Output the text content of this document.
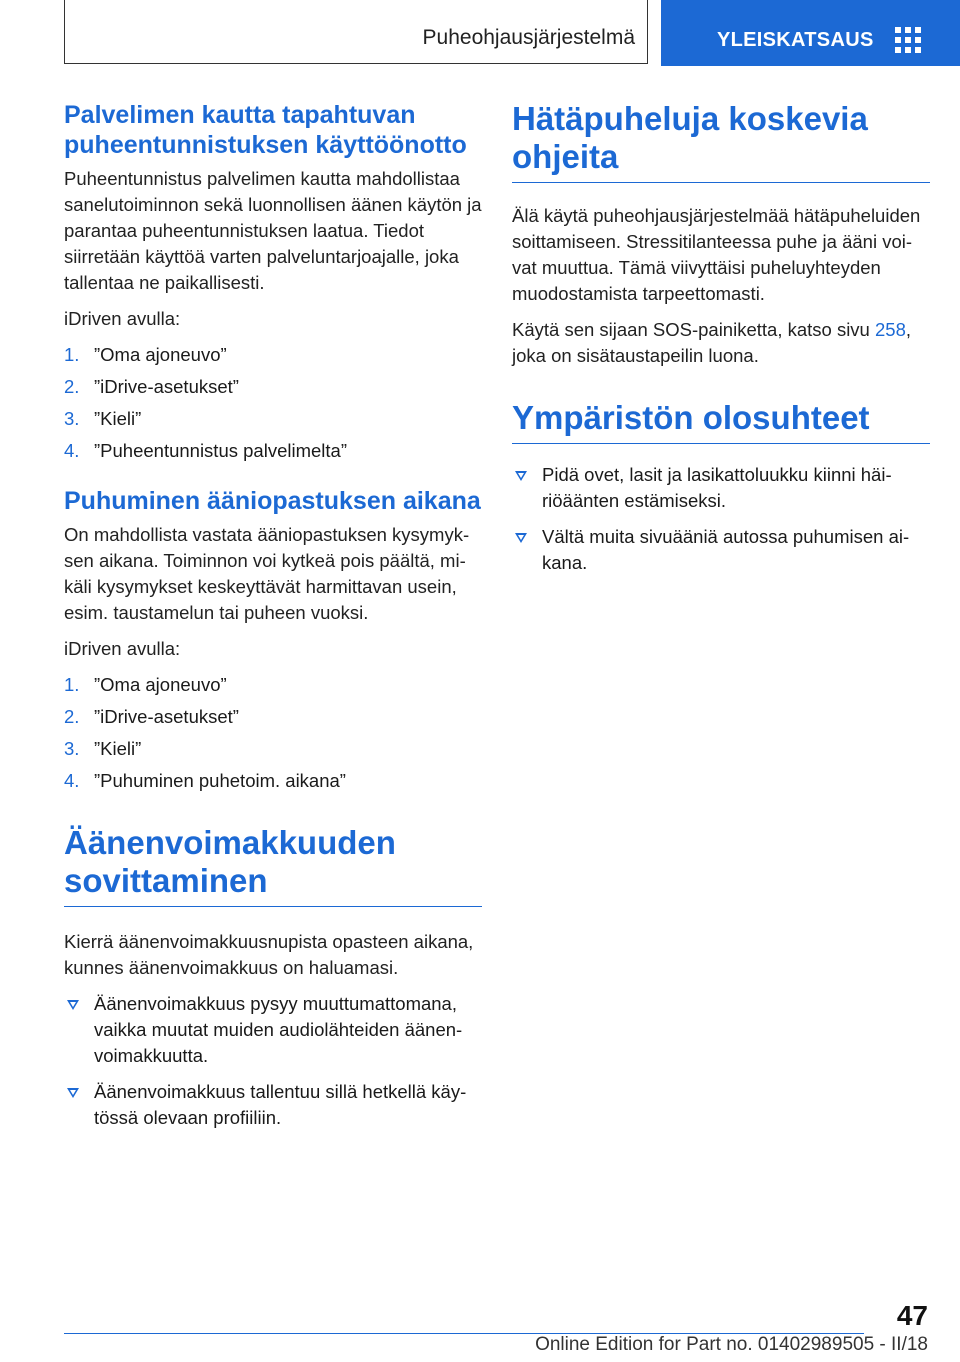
Puheohjausjärjestelmä	YLEISKATSAUS
Palvelimen kautta tapahtuvan puheentunnistuksen käyttöönotto

Puheentunnistus palvelimen kautta mahdollistaa sanelutoiminnon sekä luonnollisen äänen käytön ja parantaa puheentunnistuksen laatua. Tiedot siirretään käyttöä varten palveluntarjoajalle, joka tallentaa ne paikallisesti.

iDriven avulla:

1. ”Oma ajoneuvo”
2. ”iDrive-asetukset”
3. ”Kieli”
4. ”Puheentunnistus palvelimelta”
Puhuminen ääniopastuksen aikana

On mahdollista vastata ääniopastuksen kysymyksen aikana. Toiminnon voi kytkeä pois päältä, mikäli kysymykset keskeyttävät harmittavan usein, esim. taustamelun tai puheen vuoksi.

iDriven avulla:

1. ”Oma ajoneuvo”
2. ”iDrive-asetukset”
3. ”Kieli”
4. ”Puhuminen puhetoim. aikana”
Äänenvoimakkuuden sovittaminen

Kierrä äänenvoimakkuusnupista opasteen aikana, kunnes äänenvoimakkuus on haluamasi.

Äänenvoimakkuus pysyy muuttumattomana, vaikka muutat muiden audiolähteiden äänenvoimakkuutta.
Äänenvoimakkuus tallentuu sillä hetkellä käytössä olevaan profiiliin.
Hätäpuheluja koskevia ohjeita

Älä käytä puheohjausjärjestelmää hätäpuheluiden soittamiseen. Stressitilanteessa puhe ja ääni voivat muuttua. Tämä viivyttäisi puheluyhteyden muodostamista tarpeettomasti.

Käytä sen sijaan SOS-painiketta, katso sivu 258, joka on sisätaustapeilin luona.

Ympäristön olosuhteet
Pidä ovet, lasit ja lasikattoluukku kiinni häiriöäänten estämiseksi.
Vältä muita sivuääniä autossa puhumisen aikana.
47
Online Edition for Part no. 01402989505 - II/18
